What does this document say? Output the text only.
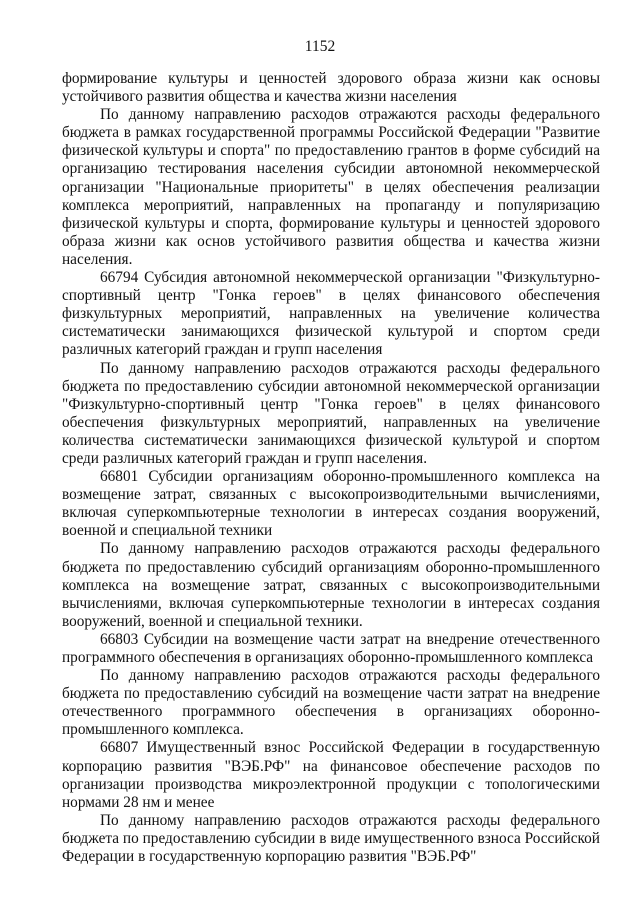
1152

формирование культуры и ценностей здорового образа жизни как основы устойчивого развития общества и качества жизни населения

По данному направлению расходов отражаются расходы федерального бюджета в рамках государственной программы Российской Федерации "Развитие физической культуры и спорта" по предоставлению грантов в форме субсидий на организацию тестирования населения субсидии автономной некоммерческой организации "Национальные приоритеты" в целях обеспечения реализации комплекса мероприятий, направленных на пропаганду и популяризацию физической культуры и спорта, формирование культуры и ценностей здорового образа жизни как основ устойчивого развития общества и качества жизни населения.

66794 Субсидия автономной некоммерческой организации "Физкультурно-спортивный центр "Гонка героев" в целях финансового обеспечения физкультурных мероприятий, направленных на увеличение количества систематически занимающихся физической культурой и спортом среди различных категорий граждан и групп населения

По данному направлению расходов отражаются расходы федерального бюджета по предоставлению субсидии автономной некоммерческой организации "Физкультурно-спортивный центр "Гонка героев" в целях финансового обеспечения физкультурных мероприятий, направленных на увеличение количества систематически занимающихся физической культурой и спортом среди различных категорий граждан и групп населения.

66801 Субсидии организациям оборонно-промышленного комплекса на возмещение затрат, связанных с высокопроизводительными вычислениями, включая суперкомпьютерные технологии в интересах создания вооружений, военной и специальной техники

По данному направлению расходов отражаются расходы федерального бюджета по предоставлению субсидий организациям оборонно-промышленного комплекса на возмещение затрат, связанных с высокопроизводительными вычислениями, включая суперкомпьютерные технологии в интересах создания вооружений, военной и специальной техники.

66803 Субсидии на возмещение части затрат на внедрение отечественного программного обеспечения в организациях оборонно-промышленного комплекса

По данному направлению расходов отражаются расходы федерального бюджета по предоставлению субсидий на возмещение части затрат на внедрение отечественного программного обеспечения в организациях оборонно-промышленного комплекса.

66807 Имущественный взнос Российской Федерации в государственную корпорацию развития "ВЭБ.РФ" на финансовое обеспечение расходов по организации производства микроэлектронной продукции с топологическими нормами 28 нм и менее

По данному направлению расходов отражаются расходы федерального бюджета по предоставлению субсидии в виде имущественного взноса Российской Федерации в государственную корпорацию развития "ВЭБ.РФ"
